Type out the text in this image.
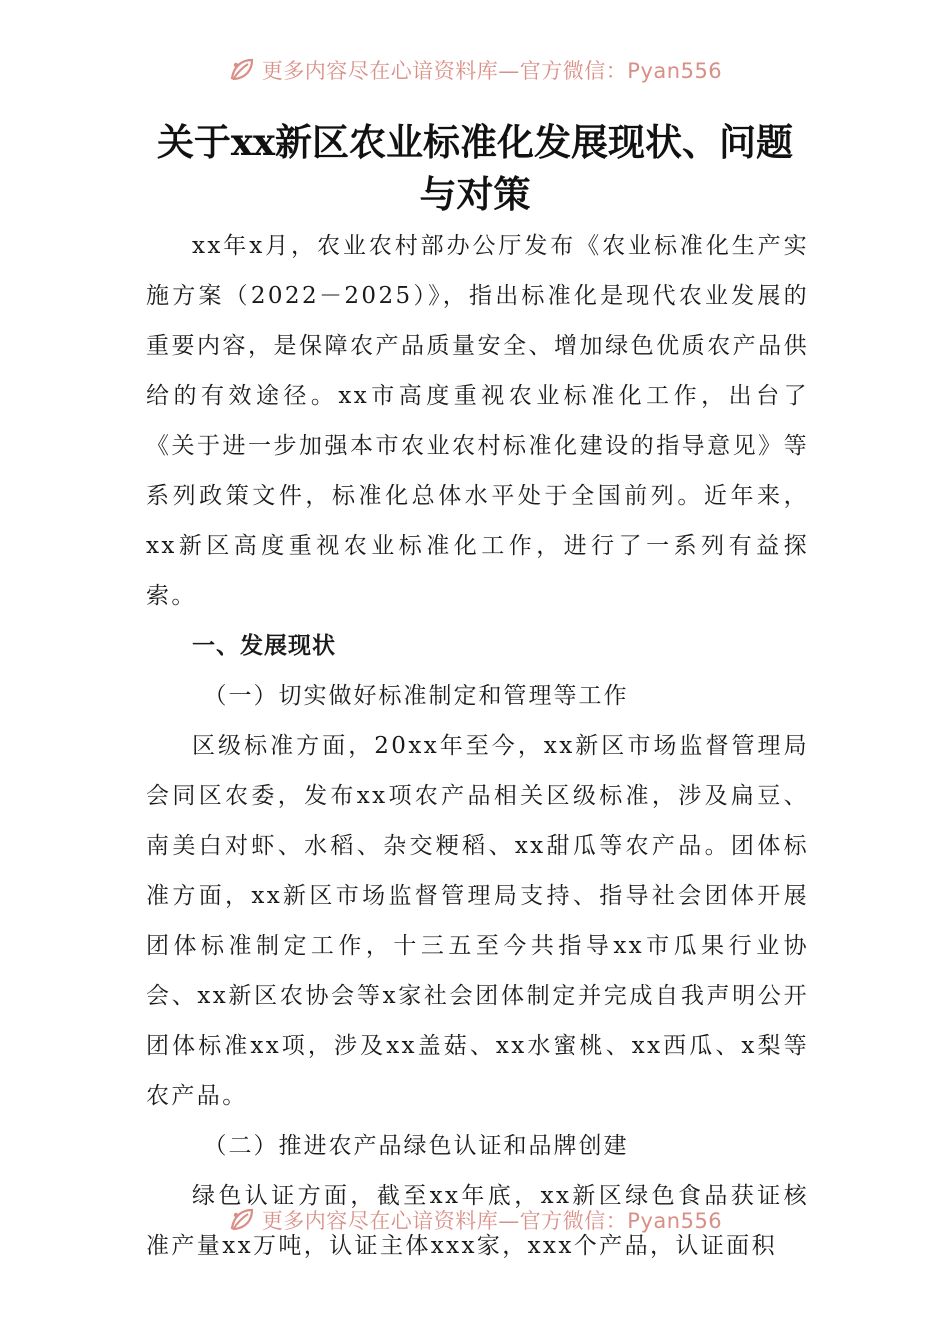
更多内容尽在心谙资料库—官方微信：Pyan556
关于xx新区农业标准化发展现状、问题与对策

xx年x月，农业农村部办公厅发布《农业标准化生产实施方案（2022－2025）》，指出标准化是现代农业发展的重要内容，是保障农产品质量安全、增加绿色优质农产品供给的有效途径。xx市高度重视农业标准化工作，出台了《关于进一步加强本市农业农村标准化建设的指导意见》等系列政策文件，标准化总体水平处于全国前列。近年来，xx新区高度重视农业标准化工作，进行了一系列有益探索。

一、发展现状

（一）切实做好标准制定和管理等工作

区级标准方面，20xx年至今，xx新区市场监督管理局会同区农委，发布xx项农产品相关区级标准，涉及扁豆、南美白对虾、水稻、杂交粳稻、xx甜瓜等农产品。团体标准方面，xx新区市场监督管理局支持、指导社会团体开展团体标准制定工作，十三五至今共指导xx市瓜果行业协会、xx新区农协会等x家社会团体制定并完成自我声明公开团体标准xx项，涉及xx盖菇、xx水蜜桃、xx西瓜、x梨等农产品。

（二）推进农产品绿色认证和品牌创建

绿色认证方面，截至xx年底，xx新区绿色食品获证核准产量xx万吨，认证主体xxx家，xxx个产品，认证面积

更多内容尽在心谙资料库—官方微信：Pyan556
